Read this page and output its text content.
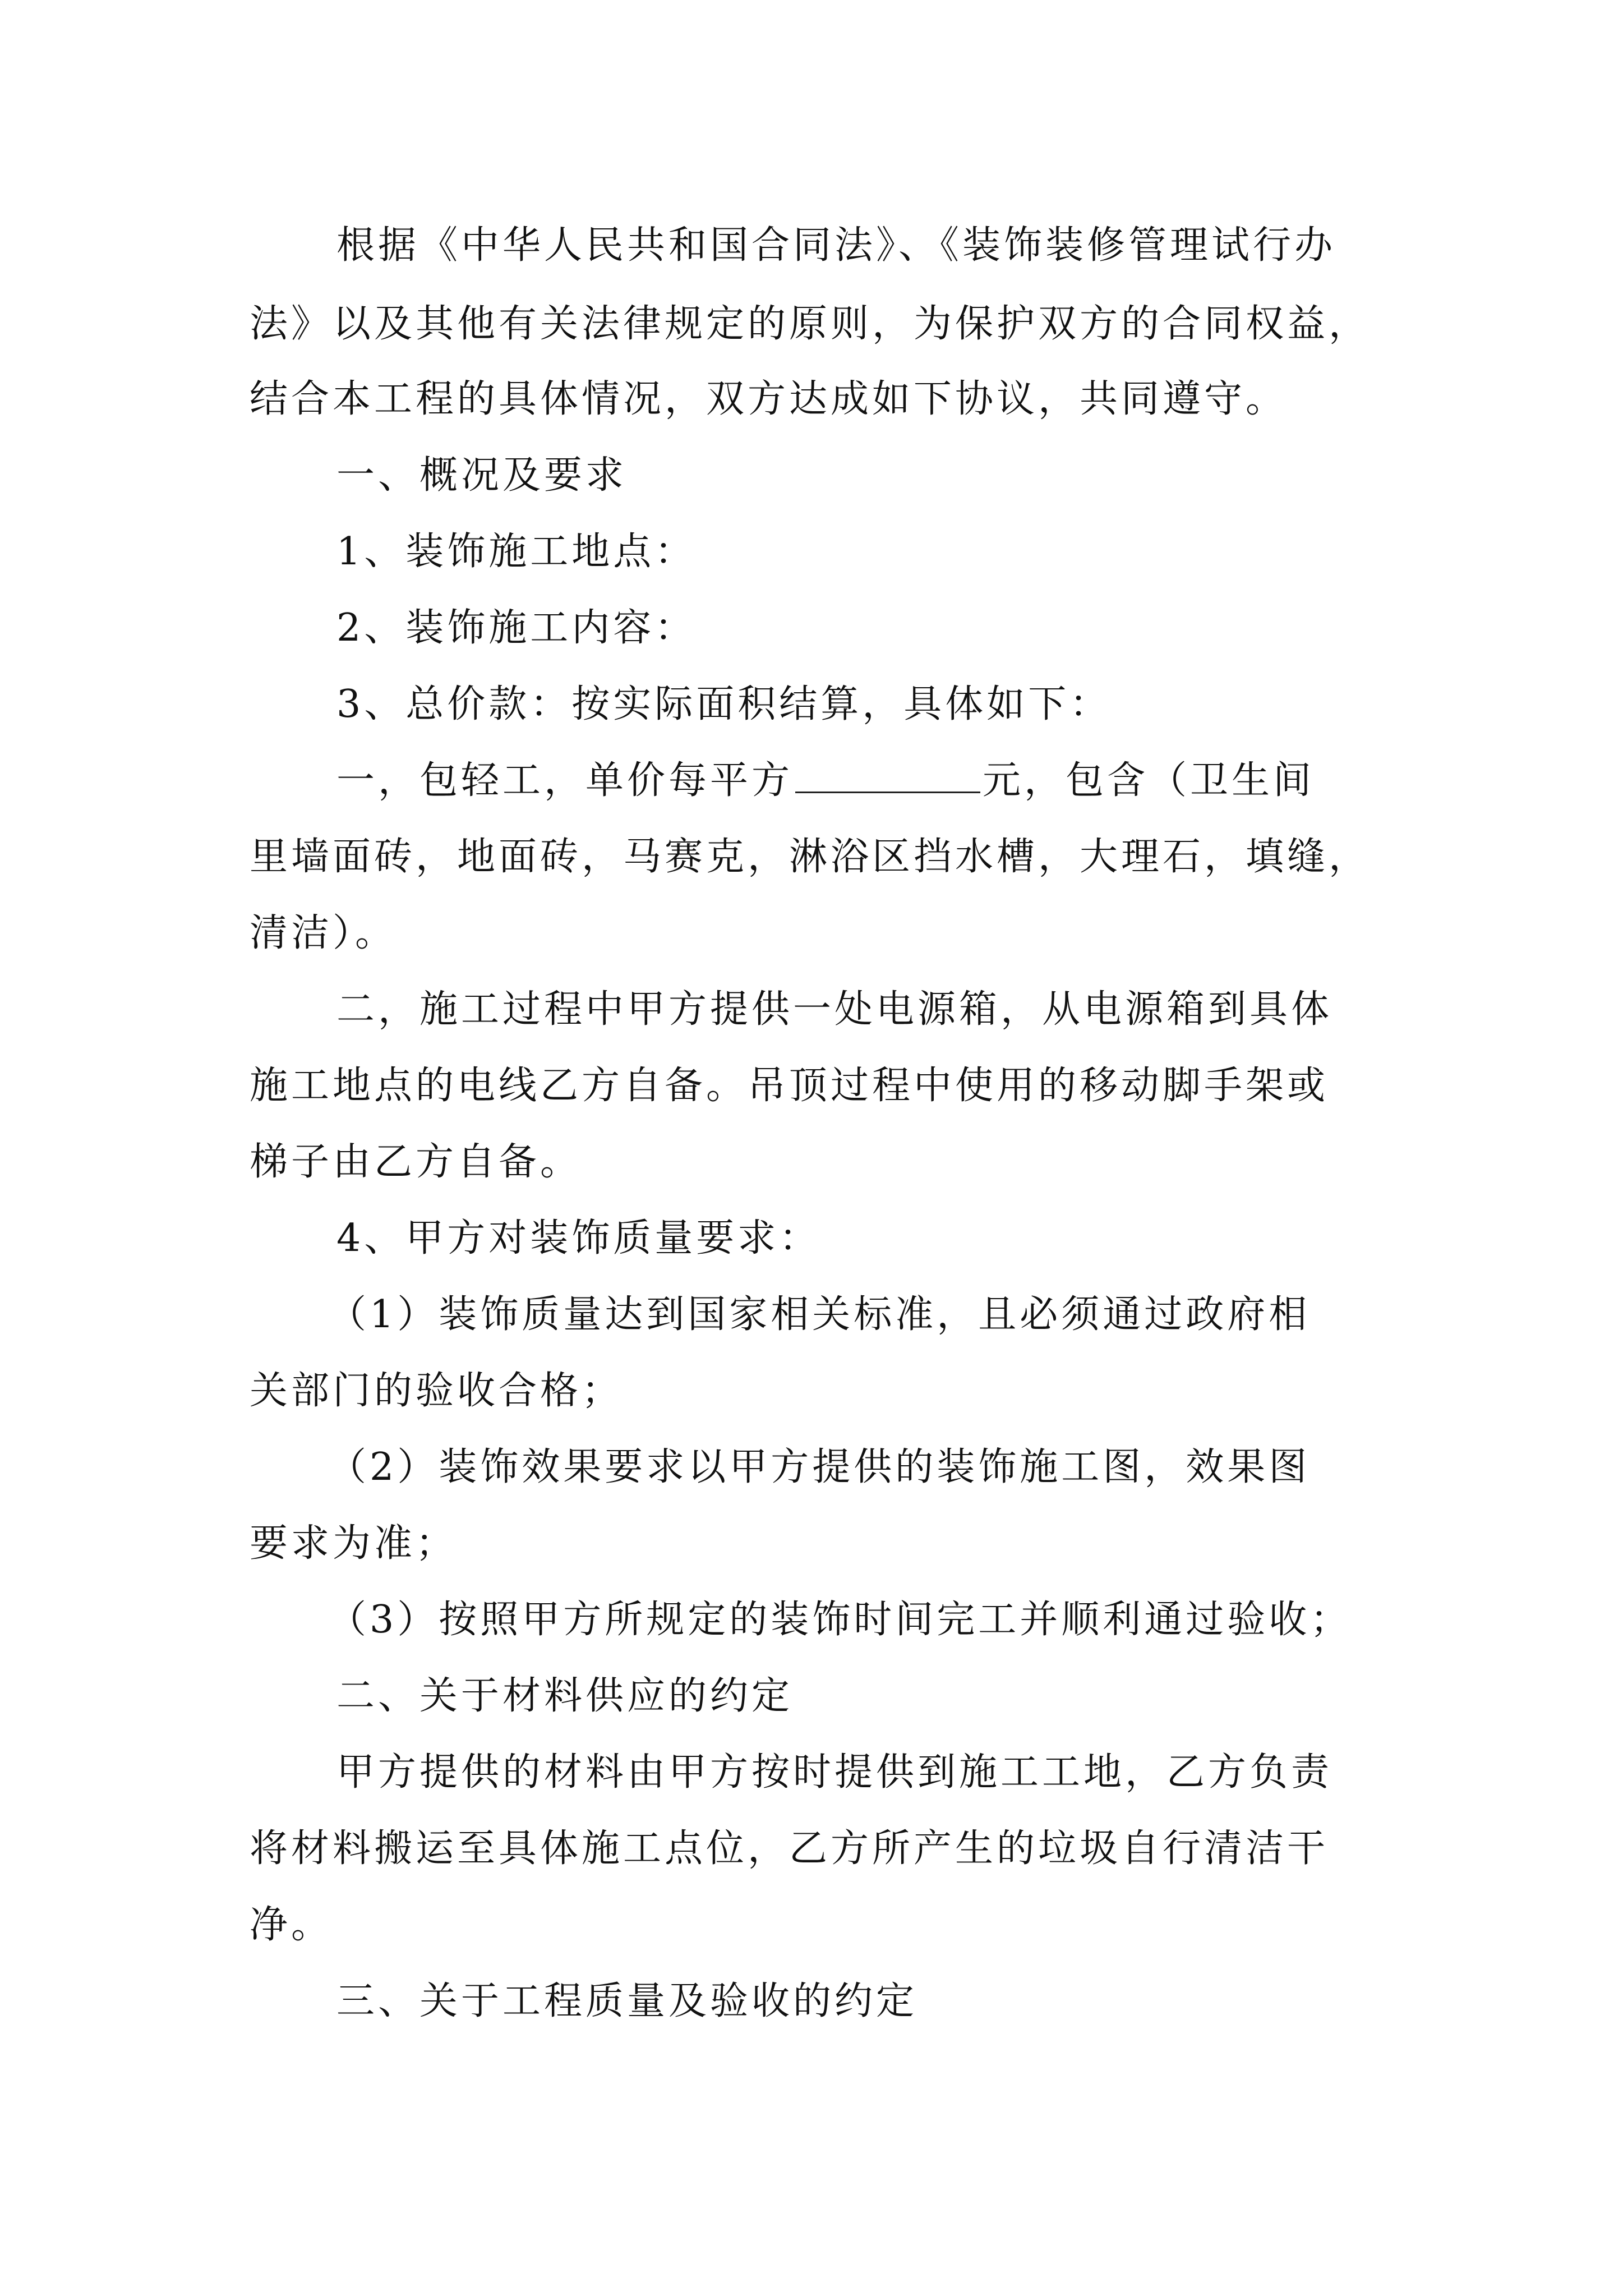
根据《中华人民共和国合同法》、《装饰装修管理试行办
法》以及其他有关法律规定的原则，为保护双方的合同权益，
结合本工程的具体情况，双方达成如下协议，共同遵守。
一、概况及要求
1、装饰施工地点：
2、装饰施工内容：
3、总价款：按实际面积结算，具体如下：
一，包轻工，单价每平方	元，包含（卫生间
里墙面砖，地面砖，马赛克，淋浴区挡水槽，大理石，填缝，
清洁）。
二，施工过程中甲方提供一处电源箱，从电源箱到具体
施工地点的电线乙方自备。吊顶过程中使用的移动脚手架或
梯子由乙方自备。
4、甲方对装饰质量要求：
（1）装饰质量达到国家相关标准，且必须通过政府相
关部门的验收合格；
（2）装饰效果要求以甲方提供的装饰施工图，效果图
要求为准；
（3）按照甲方所规定的装饰时间完工并顺利通过验收；
二、关于材料供应的约定
甲方提供的材料由甲方按时提供到施工工地，乙方负责
将材料搬运至具体施工点位，乙方所产生的垃圾自行清洁干
净。
三、关于工程质量及验收的约定
